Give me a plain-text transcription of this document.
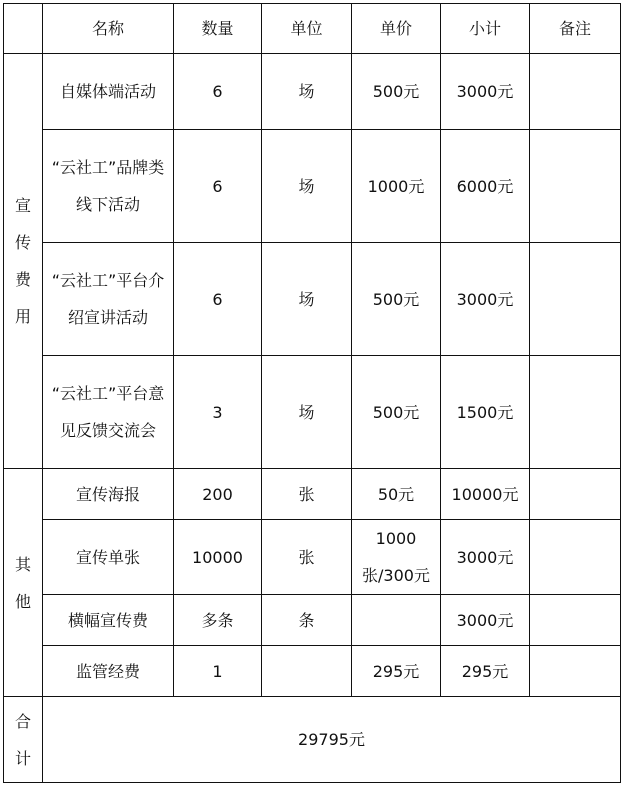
	名称	数量	单位	单价	小计	备注

宣传费用	自媒体端活动	6	场	500元	3000元	
	“云社工”品牌类线下活动	6	场	1000元	6000元	
	“云社工”平台介绍宣讲活动	6	场	500元	3000元	
	“云社工”平台意见反馈交流会	3	场	500元	1500元	

其他	宣传海报	200	张	50元	10000元	
	宣传单张	10000	张	1000张/300元	3000元	
	横幅宣传费	多条	条		3000元	
	监管经费	1		295元	295元	

合计	29795元					
